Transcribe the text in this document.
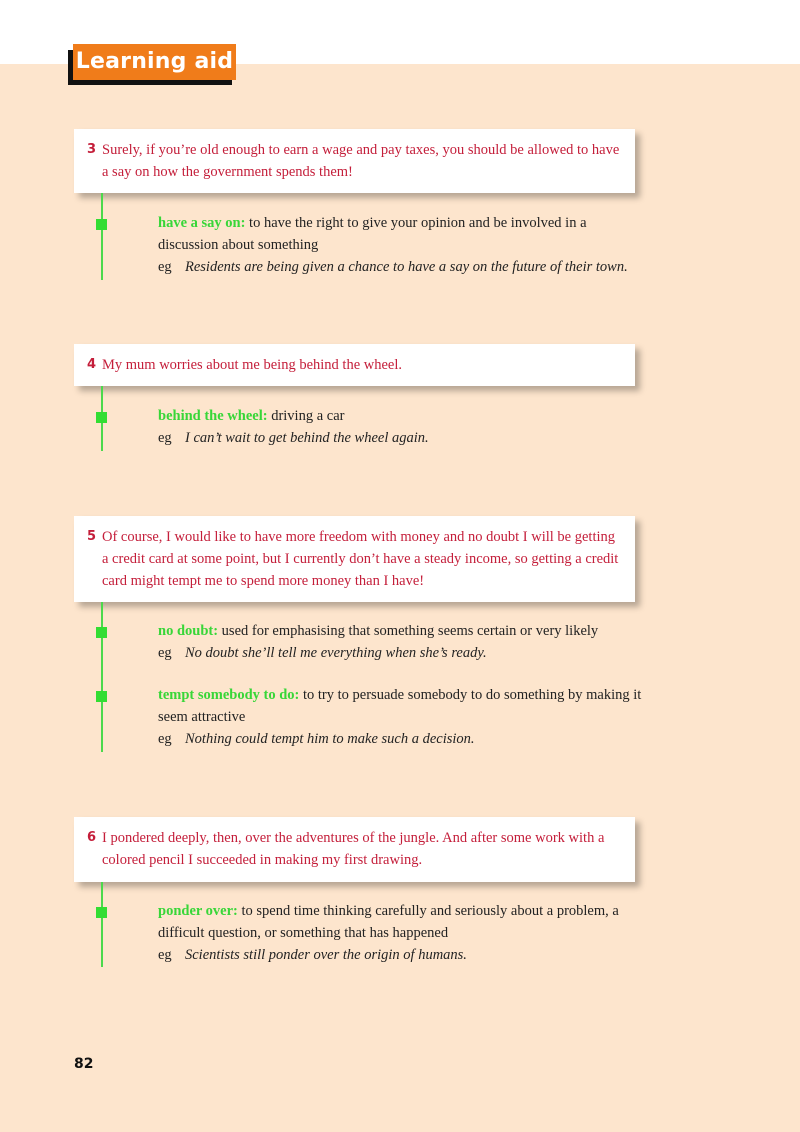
Learning aid
3 Surely, if you’re old enough to earn a wage and pay taxes, you should be allowed to have a say on how the government spends them!
have a say on: to have the right to give your opinion and be involved in a discussion about something
eg Residents are being given a chance to have a say on the future of their town.
4 My mum worries about me being behind the wheel.
behind the wheel: driving a car
eg I can’t wait to get behind the wheel again.
5 Of course, I would like to have more freedom with money and no doubt I will be getting a credit card at some point, but I currently don’t have a steady income, so getting a credit card might tempt me to spend more money than I have!
no doubt: used for emphasising that something seems certain or very likely
eg No doubt she’ll tell me everything when she’s ready.
tempt somebody to do: to try to persuade somebody to do something by making it seem attractive
eg Nothing could tempt him to make such a decision.
6 I pondered deeply, then, over the adventures of the jungle. And after some work with a colored pencil I succeeded in making my first drawing.
ponder over: to spend time thinking carefully and seriously about a problem, a difficult question, or something that has happened
eg Scientists still ponder over the origin of humans.
82
